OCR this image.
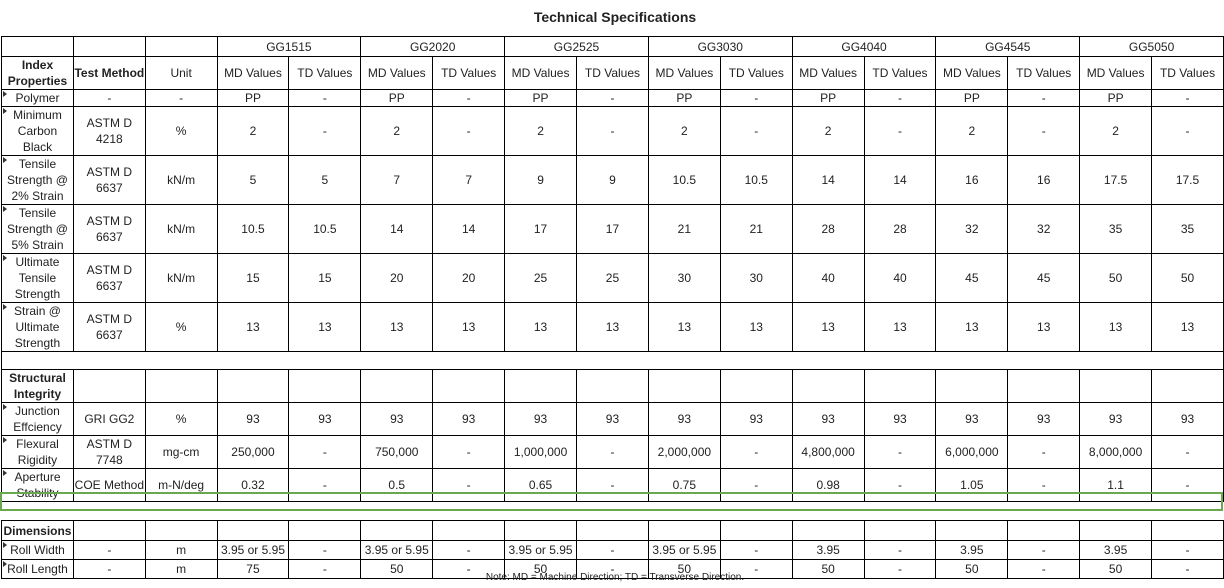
Technical Specifications
			GG1515		GG2020		GG2525		GG3030		GG4040		GG4545		GG5050	
Index Properties	Test Method	Unit	MD Values	TD Values	MD Values	TD Values	MD Values	TD Values	MD Values	TD Values	MD Values	TD Values	MD Values	TD Values	MD Values	TD Values
Polymer	-	-	PP	-	PP	-	PP	-	PP	-	PP	-	PP	-	PP	-
Minimum Carbon Black	ASTM D 4218	%	2	-	2	-	2	-	2	-	2	-	2	-	2	-
Tensile Strength @ 2% Strain	ASTM D 6637	kN/m	5	5	7	7	9	9	10.5	10.5	14	14	16	16	17.5	17.5
Tensile Strength @ 5% Strain	ASTM D 6637	kN/m	10.5	10.5	14	14	17	17	21	21	28	28	32	32	35	35
Ultimate Tensile Strength	ASTM D 6637	kN/m	15	15	20	20	25	25	30	30	40	40	45	45	50	50
Strain @ Ultimate Strength	ASTM D 6637	%	13	13	13	13	13	13	13	13	13	13	13	13	13	13

Structural Integrity																
Junction Effciency	GRI GG2	%	93	93	93	93	93	93	93	93	93	93	93	93	93	93
Flexural Rigidity	ASTM D 7748	mg-cm	250,000	-	750,000	-	1,000,000	-	2,000,000	-	4,800,000	-	6,000,000	-	8,000,000	-
Aperture Stability	COE Method	m-N/deg	0.32	-	0.5	-	0.65	-	0.75	-	0.98	-	1.05	-	1.1	-

Dimensions																
Roll Width	-	m	3.95 or 5.95	-	3.95 or 5.95	-	3.95 or 5.95	-	3.95 or 5.95	-	3.95	-	3.95	-	3.95	-
Roll Length	-	m	75	-	50	-	50	-	50	-	50	-	50	-	50	-
Note: MD = Machine Direction; TD = Transverse Direction.
